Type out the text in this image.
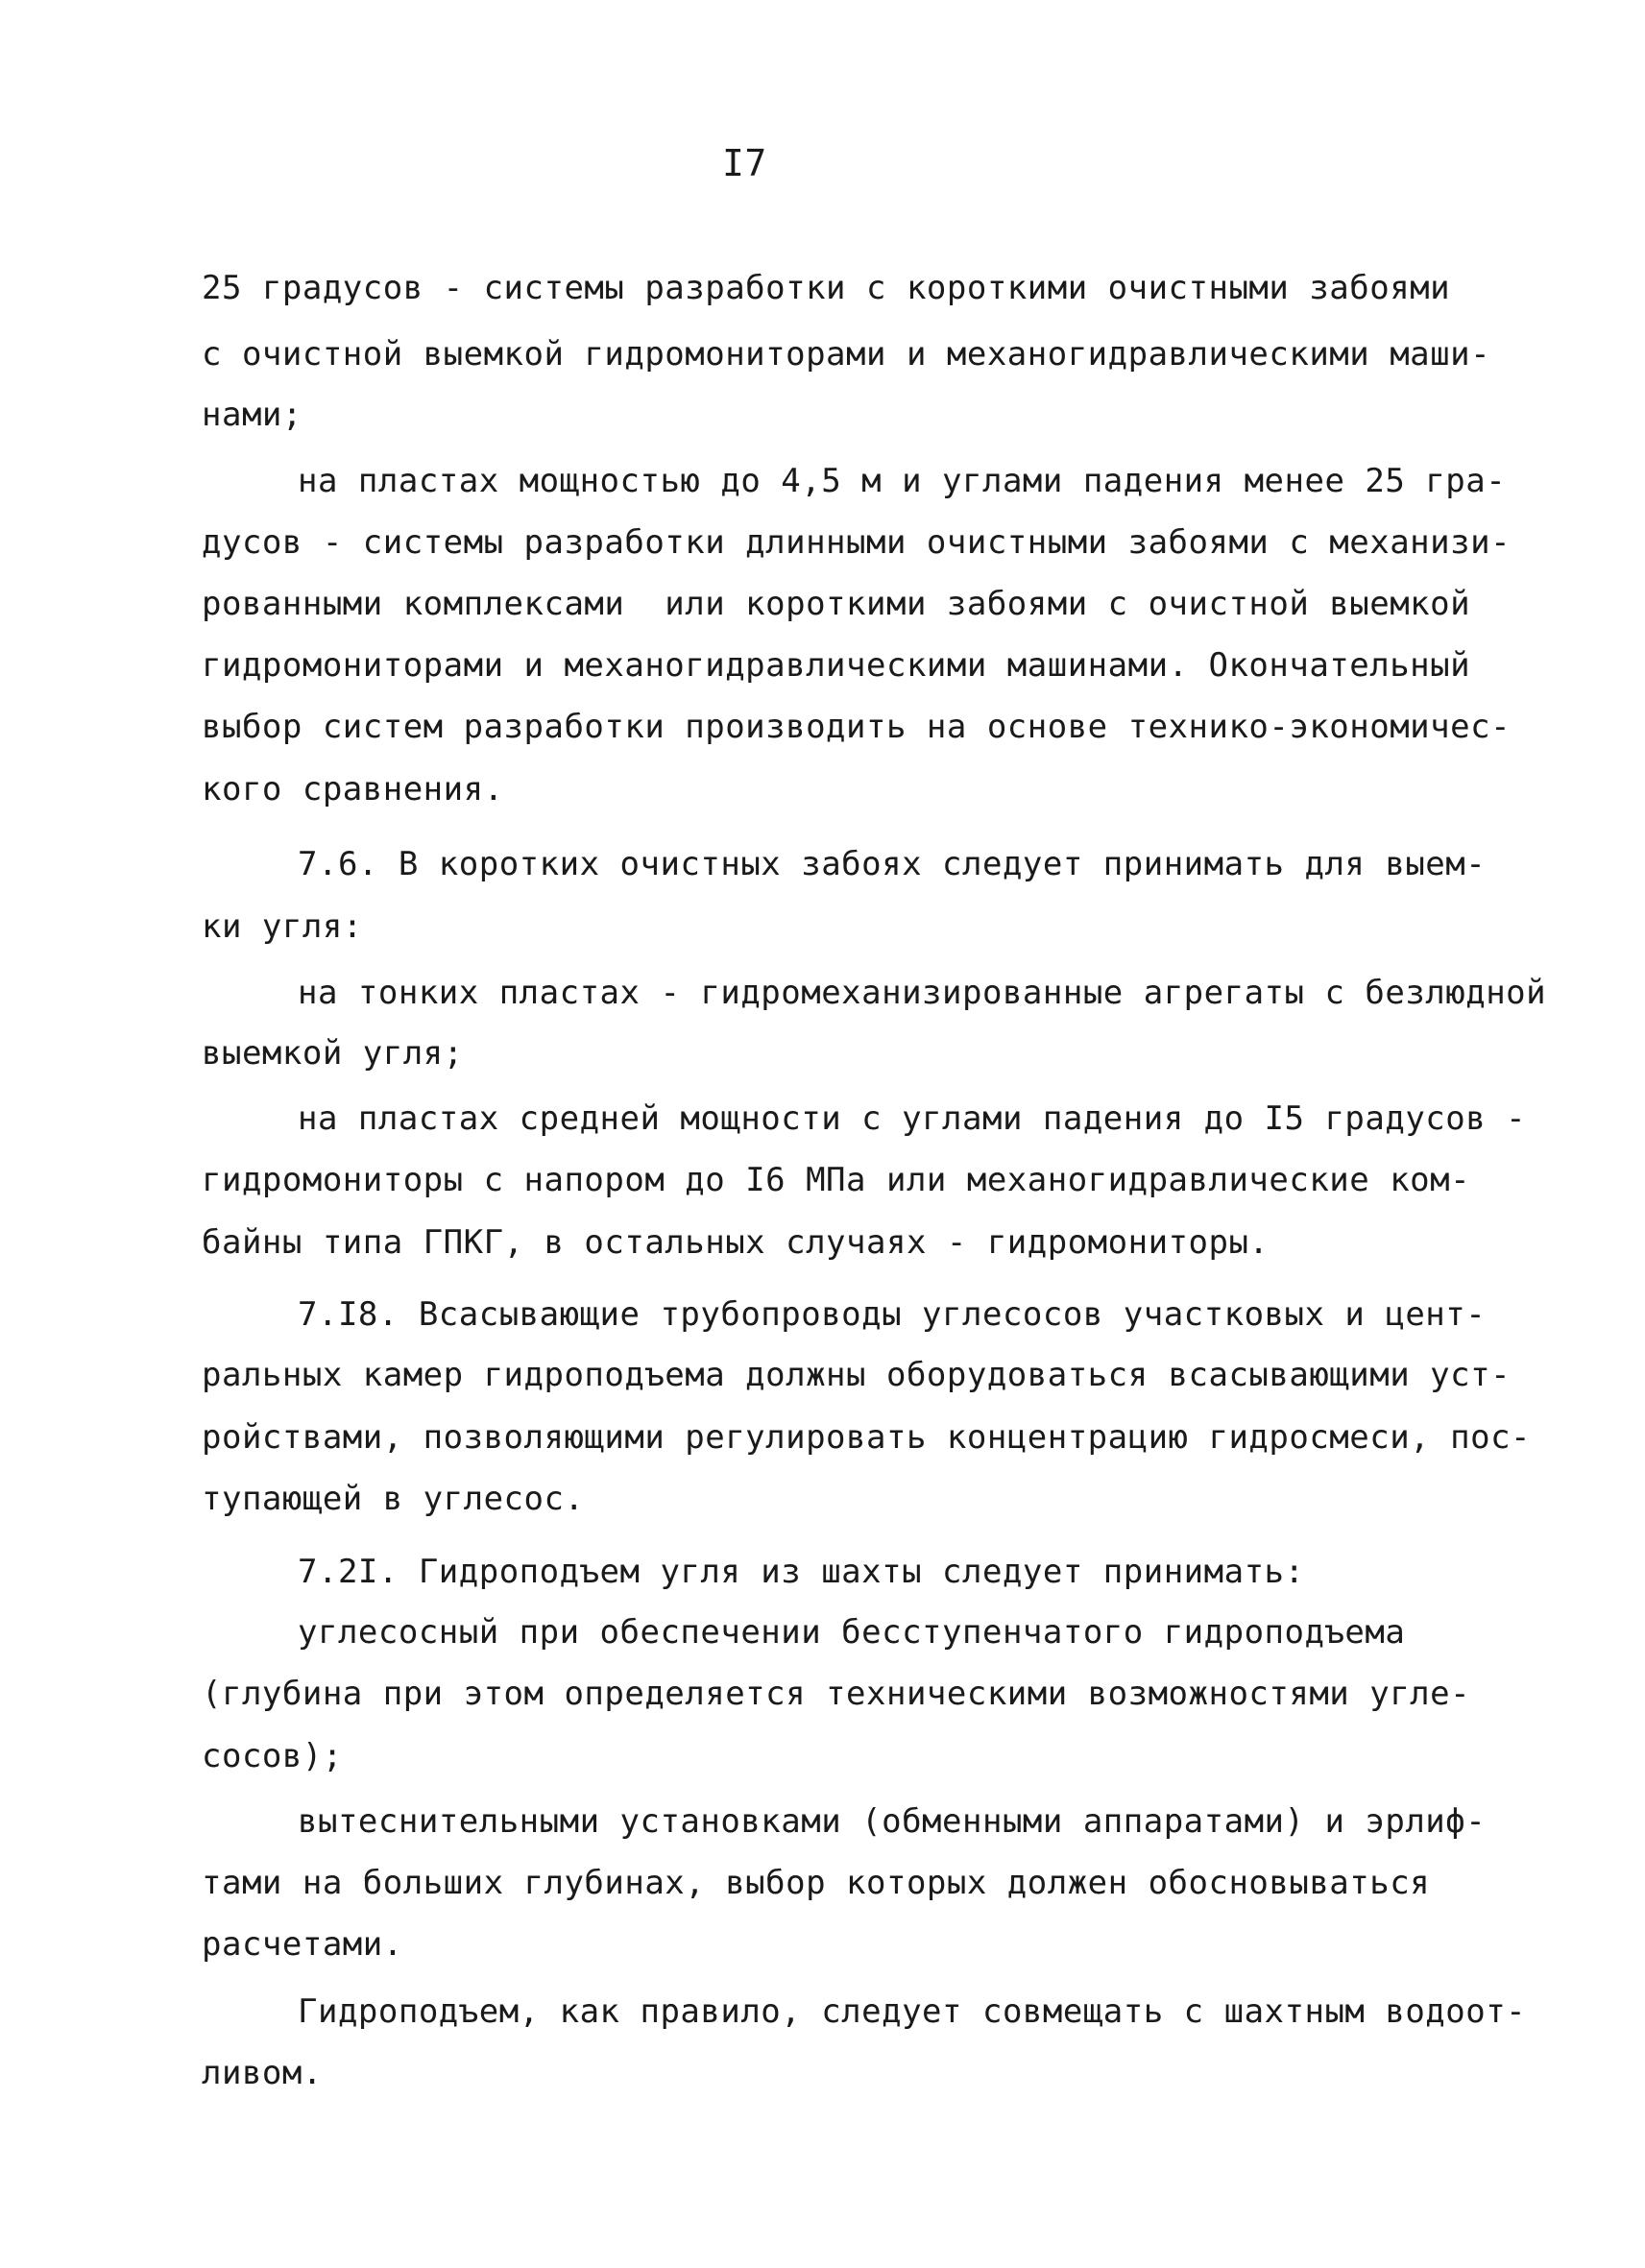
I7
25 градусов - системы разработки с короткими очистными забоями
с очистной выемкой гидромониторами и механогидравлическими маши-
нами;
на пластах мощностью до 4,5 м и углами падения менее 25 гра-
дусов - системы разработки длинными очистными забоями с механизи-
рованными комплексами  или короткими забоями с очистной выемкой
гидромониторами и механогидравлическими машинами. Окончательный
выбор систем разработки производить на основе технико-экономичес-
кого сравнения.
7.6. В коротких очистных забоях следует принимать для выем-
ки угля:
на тонких пластах - гидромеханизированные агрегаты с безлюдной
выемкой угля;
на пластах средней мощности с углами падения до I5 градусов -
гидромониторы с напором до I6 МПа или механогидравлические ком-
байны типа ГПКГ, в остальных случаях - гидромониторы.
7.I8. Всасывающие трубопроводы углесосов участковых и цент-
ральных камер гидроподъема должны оборудоваться всасывающими уст-
ройствами, позволяющими регулировать концентрацию гидросмеси, пос-
тупающей в углесос.
7.2I. Гидроподъем угля из шахты следует принимать:
углесосный при обеспечении бесступенчатого гидроподъема
(глубина при этом определяется техническими возможностями угле-
сосов);
вытеснительными установками (обменными аппаратами) и эрлиф-
тами на больших глубинах, выбор которых должен обосновываться
расчетами.
Гидроподъем, как правило, следует совмещать с шахтным водоот-
ливом.
